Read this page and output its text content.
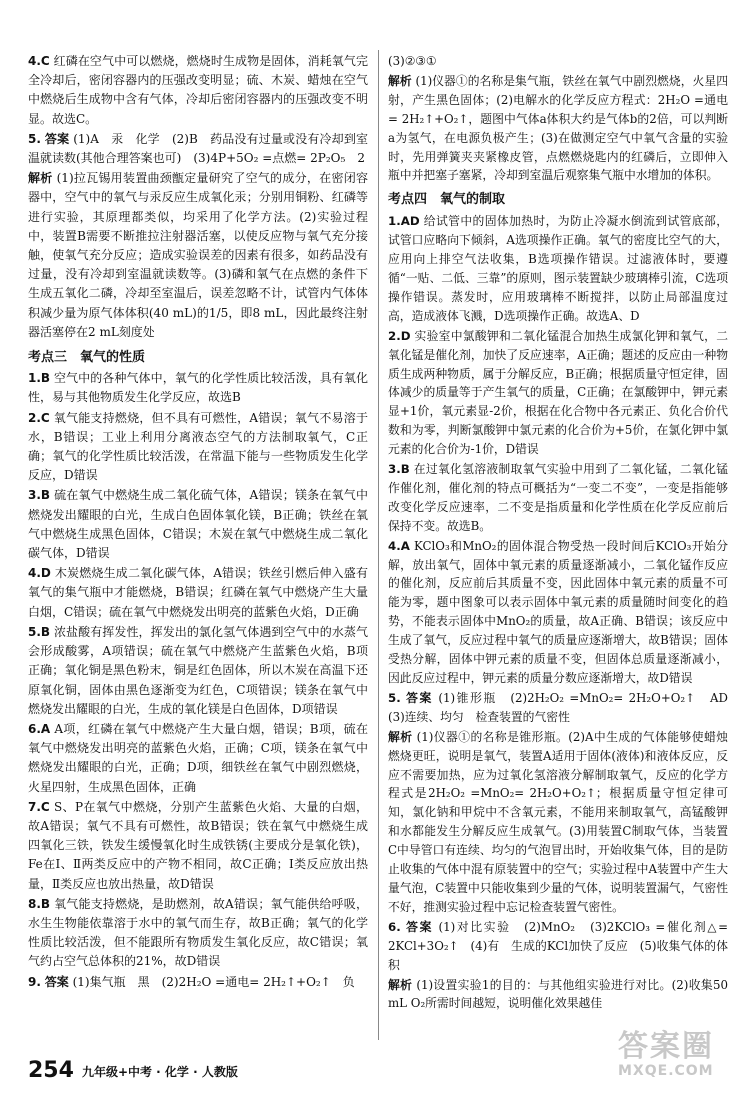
4.C 红磷在空气中可以燃烧，燃烧时生成物是固体，消耗氧气完全冷却后，密闭容器内的压强改变明显；硫、木炭、蜡烛在空气中燃烧后生成物中含有气体，冷却后密闭容器内的压强改变不明显。故选C。

5. 答案 (1)A　汞　化学　(2)B　药品没有过量或没有冷却到室温就读数(其他合理答案也可)　(3)4P+5O₂ =点燃= 2P₂O₅　2

解析 (1)拉瓦锡用装置曲颈甑定量研究了空气的成分，在密闭容器中，空气中的氧气与汞反应生成氧化汞；分别用铜粉、红磷等进行实验，其原理都类似，均采用了化学方法。(2)实验过程中，装置B需要不断推拉注射器活塞，以使反应物与氧气充分接触，使氧气充分反应；造成实验误差的因素有很多，如药品没有过量，没有冷却到室温就读数等。(3)磷和氧气在点燃的条件下生成五氧化二磷，冷却至室温后，误差忽略不计，试管内气体体积减少量为原气体体积(40 mL)的1/5，即8 mL，因此最终注射器活塞停在2 mL刻度处

考点三　氧气的性质

1.B 空气中的各种气体中，氧气的化学性质比较活泼，具有氧化性，易与其他物质发生化学反应，故选B

2.C 氧气能支持燃烧，但不具有可燃性，A错误；氧气不易溶于水，B错误；工业上利用分离液态空气的方法制取氧气，C正确；氧气的化学性质比较活泼，在常温下能与一些物质发生化学反应，D错误

3.B 硫在氧气中燃烧生成二氧化硫气体，A错误；镁条在氧气中燃烧发出耀眼的白光，生成白色固体氧化镁，B正确；铁丝在氧气中燃烧生成黑色固体，C错误；木炭在氧气中燃烧生成二氧化碳气体，D错误

4.D 木炭燃烧生成二氧化碳气体，A错误；铁丝引燃后伸入盛有氧气的集气瓶中才能燃烧，B错误；红磷在氧气中燃烧产生大量白烟，C错误；硫在氧气中燃烧发出明亮的蓝紫色火焰，D正确

5.B 浓盐酸有挥发性，挥发出的氯化氢气体遇到空气中的水蒸气会形成酸雾，A项错误；硫在氧气中燃烧产生蓝紫色火焰，B项正确；氧化铜是黑色粉末，铜是红色固体，所以木炭在高温下还原氧化铜，固体由黑色逐渐变为红色，C项错误；镁条在氧气中燃烧发出耀眼的白光，生成的氧化镁是白色固体，D项错误

6.A A项，红磷在氧气中燃烧产生大量白烟，错误；B项，硫在氧气中燃烧发出明亮的蓝紫色火焰，正确；C项，镁条在氧气中燃烧发出耀眼的白光，正确；D项，细铁丝在氧气中剧烈燃烧，火星四射，生成黑色固体，正确

7.C S、P在氧气中燃烧，分别产生蓝紫色火焰、大量的白烟，故A错误；氧气不具有可燃性，故B错误；铁在氧气中燃烧生成四氧化三铁，铁发生缓慢氧化时生成铁锈(主要成分是氧化铁)，Fe在Ⅰ、Ⅱ两类反应中的产物不相同，故C正确；Ⅰ类反应放出热量，Ⅱ类反应也放出热量，故D错误

8.B 氧气能支持燃烧，是助燃剂，故A错误；氧气能供给呼吸，水生生物能依靠溶于水中的氧气而生存，故B正确；氧气的化学性质比较活泼，但不能跟所有物质发生氧化反应，故C错误；氧气约占空气总体积的21%，故D错误

9. 答案 (1)集气瓶　黑　(2)2H₂O =通电= 2H₂↑+O₂↑　负

(3)②③①

解析 (1)仪器①的名称是集气瓶，铁丝在氧气中剧烈燃烧，火星四射，产生黑色固体；(2)电解水的化学反应方程式：2H₂O =通电= 2H₂↑+O₂↑，题图中气体a体积大约是气体b的2倍，可以判断a为氢气，在电源负极产生；(3)在做测定空气中氧气含量的实验时，先用弹簧夹夹紧橡皮管，点燃燃烧匙内的红磷后，立即伸入瓶中并把塞子塞紧，冷却到室温后观察集气瓶中水增加的体积。

考点四　氧气的制取

1.AD 给试管中的固体加热时，为防止冷凝水倒流到试管底部，试管口应略向下倾斜，A选项操作正确。氧气的密度比空气的大，应用向上排空气法收集，B选项操作错误。过滤液体时，要遵循“一贴、二低、三靠”的原则，图示装置缺少玻璃棒引流，C选项操作错误。蒸发时，应用玻璃棒不断搅拌，以防止局部温度过高，造成液体飞溅，D选项操作正确。故选A、D

2.D 实验室中氯酸钾和二氧化锰混合加热生成氯化钾和氧气，二氧化锰是催化剂，加快了反应速率，A正确；题述的反应由一种物质生成两种物质，属于分解反应，B正确；根据质量守恒定律，固体减少的质量等于产生氧气的质量，C正确；在氯酸钾中，钾元素显+1价，氧元素显-2价，根据在化合物中各元素正、负化合价代数和为零，判断氯酸钾中氯元素的化合价为+5价，在氯化钾中氯元素的化合价为-1价，D错误

3.B 在过氧化氢溶液制取氧气实验中用到了二氧化锰，二氧化锰作催化剂，催化剂的特点可概括为“一变二不变”，一变是指能够改变化学反应速率，二不变是指质量和化学性质在化学反应前后保持不变。故选B。

4.A KClO₃和MnO₂的固体混合物受热一段时间后KClO₃开始分解，放出氧气，固体中氧元素的质量逐渐减小，二氧化锰作反应的催化剂，反应前后其质量不变，因此固体中氧元素的质量不可能为零，题中图象可以表示固体中氧元素的质量随时间变化的趋势，不能表示固体中MnO₂的质量，故A正确、B错误；该反应中生成了氧气，反应过程中氧气的质量应逐渐增大，故B错误；固体受热分解，固体中钾元素的质量不变，但固体总质量逐渐减小，因此反应过程中，钾元素的质量分数应逐渐增大，故D错误

5. 答案 (1)锥形瓶　(2)2H₂O₂ =MnO₂= 2H₂O+O₂↑　AD　(3)连续、均匀　检查装置的气密性

解析 (1)仪器①的名称是锥形瓶。(2)A中生成的气体能够使蜡烛燃烧更旺，说明是氧气，装置A适用于固体(液体)和液体反应，反应不需要加热，应为过氧化氢溶液分解制取氧气，反应的化学方程式是2H₂O₂ =MnO₂= 2H₂O+O₂↑；根据质量守恒定律可知，氯化钠和甲烷中不含氧元素，不能用来制取氧气，高锰酸钾和水都能发生分解反应生成氧气。(3)用装置C制取气体，当装置C中导管口有连续、均匀的气泡冒出时，开始收集气体，目的是防止收集的气体中混有原装置中的空气；实验过程中A装置中产生大量气泡，C装置中只能收集到少量的气体，说明装置漏气，气密性不好，推测实验过程中忘记检查装置气密性。

6. 答案 (1)对比实验　(2)MnO₂　(3)2KClO₃ =催化剂△= 2KCl+3O₂↑　(4)有　生成的KCl加快了反应　(5)收集气体的体积

解析 (1)设置实验1的目的：与其他组实验进行对比。(2)收集50 mL O₂所需时间越短，说明催化效果越佳

254 九年级+中考 · 化学 · 人教版
答案圈
MXQE.COM
